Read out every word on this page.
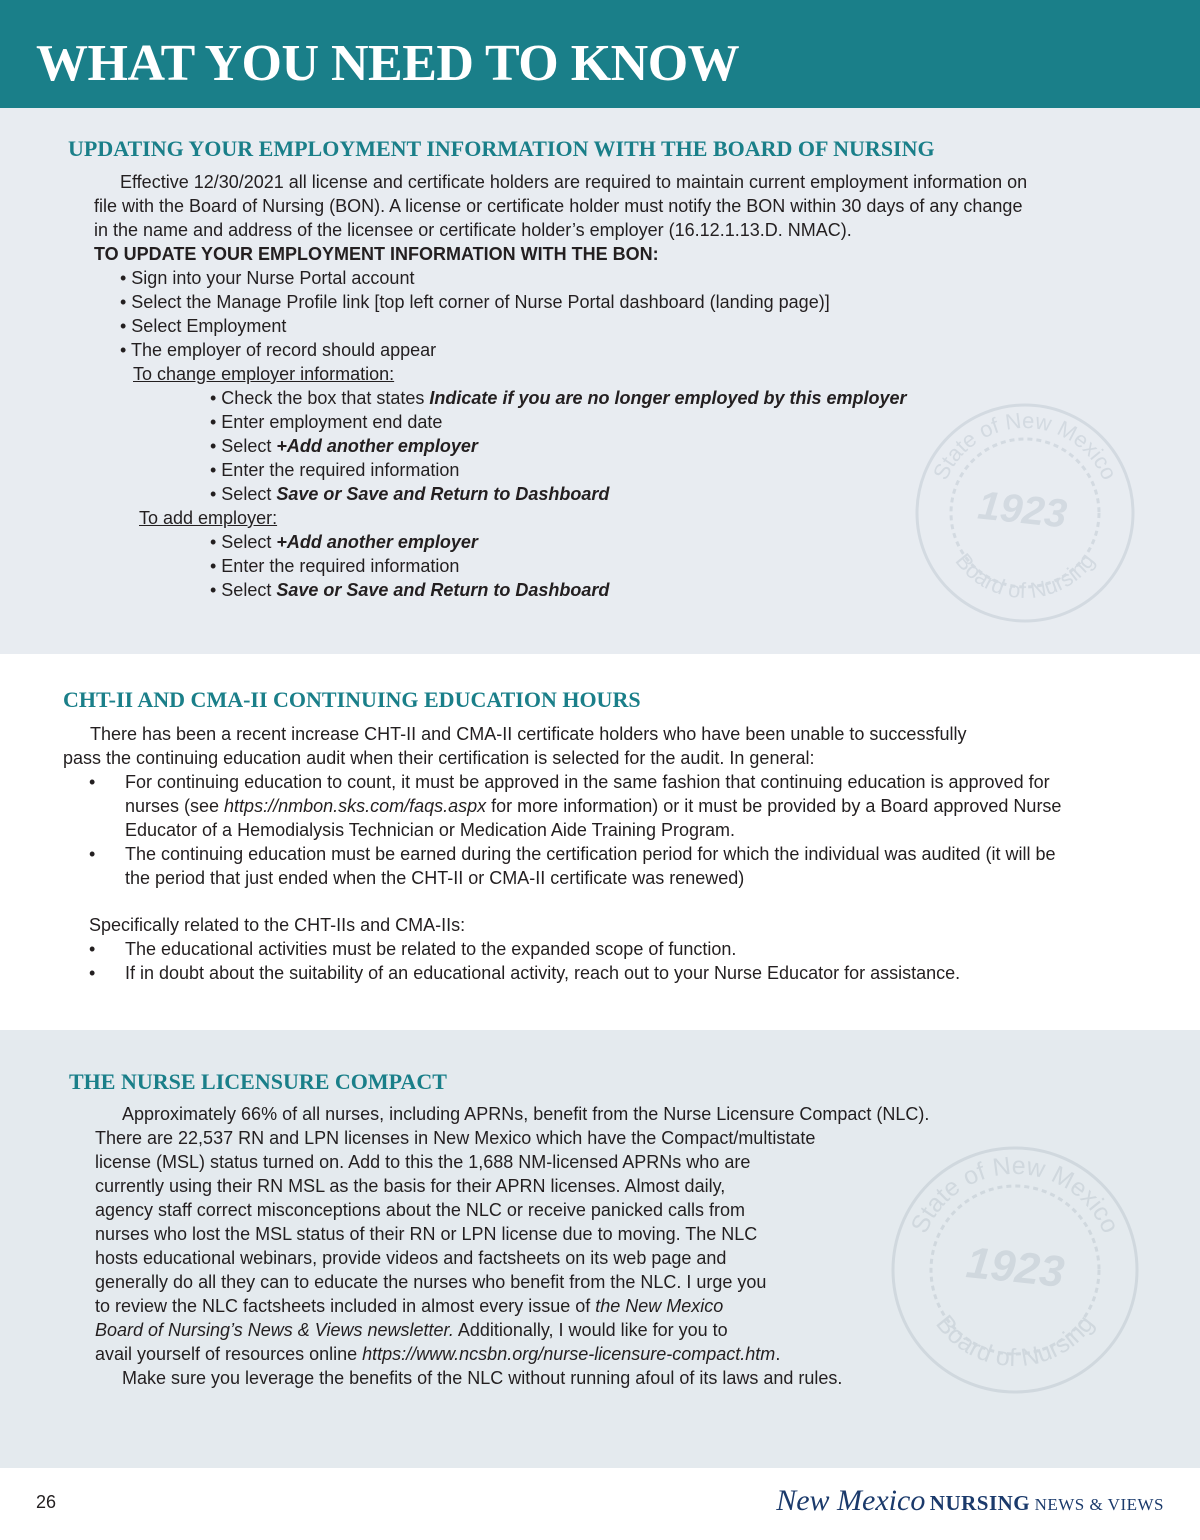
WHAT YOU NEED TO KNOW
State of New Mexico
Board of Nursing
1923
UPDATING YOUR EMPLOYMENT INFORMATION WITH THE BOARD OF NURSING
Effective 12/30/2021 all license and certificate holders are required to maintain current employment information on
file with the Board of Nursing (BON). A license or certificate holder must notify the BON within 30 days of any change
in the name and address of the licensee or certificate holder’s employer (16.12.1.13.D. NMAC).
TO UPDATE YOUR EMPLOYMENT INFORMATION WITH THE BON:
• Sign into your Nurse Portal account
• Select the Manage Profile link [top left corner of Nurse Portal dashboard (landing page)]
• Select Employment
• The employer of record should appear
To change employer information:
• Check the box that states Indicate if you are no longer employed by this employer
• Enter employment end date
• Select +Add another employer
• Enter the required information
• Select Save or Save and Return to Dashboard
To add employer:
• Select +Add another employer
• Enter the required information
• Select Save or Save and Return to Dashboard
CHT-II AND CMA-II CONTINUING EDUCATION HOURS
There has been a recent increase CHT-II and CMA-II certificate holders who have been unable to successfully
pass the continuing education audit when their certification is selected for the audit. In general:
• For continuing education to count, it must be approved in the same fashion that continuing education is approved for
nurses (see https://nmbon.sks.com/faqs.aspx for more information) or it must be provided by a Board approved Nurse
Educator of a Hemodialysis Technician or Medication Aide Training Program.
• The continuing education must be earned during the certification period for which the individual was audited (it will be
the period that just ended when the CHT-II or CMA-II certificate was renewed)
Specifically related to the CHT-IIs and CMA-IIs:
• The educational activities must be related to the expanded scope of function.
• If in doubt about the suitability of an educational activity, reach out to your Nurse Educator for assistance.
State of New Mexico
Board of Nursing
1923
THE NURSE LICENSURE COMPACT
Approximately 66% of all nurses, including APRNs, benefit from the Nurse Licensure Compact (NLC).
There are 22,537 RN and LPN licenses in New Mexico which have the Compact/multistate
license (MSL) status turned on. Add to this the 1,688 NM-licensed APRNs who are
currently using their RN MSL as the basis for their APRN licenses. Almost daily,
agency staff correct misconceptions about the NLC or receive panicked calls from
nurses who lost the MSL status of their RN or LPN license due to moving. The NLC
hosts educational webinars, provide videos and factsheets on its web page and
generally do all they can to educate the nurses who benefit from the NLC. I urge you
to review the NLC factsheets included in almost every issue of the New Mexico
Board of Nursing’s News & Views newsletter. Additionally, I would like for you to
avail yourself of resources online https://www.ncsbn.org/nurse-licensure-compact.htm.
Make sure you leverage the benefits of the NLC without running afoul of its laws and rules.
26	New Mexico NURSING NEWS & VIEWS
